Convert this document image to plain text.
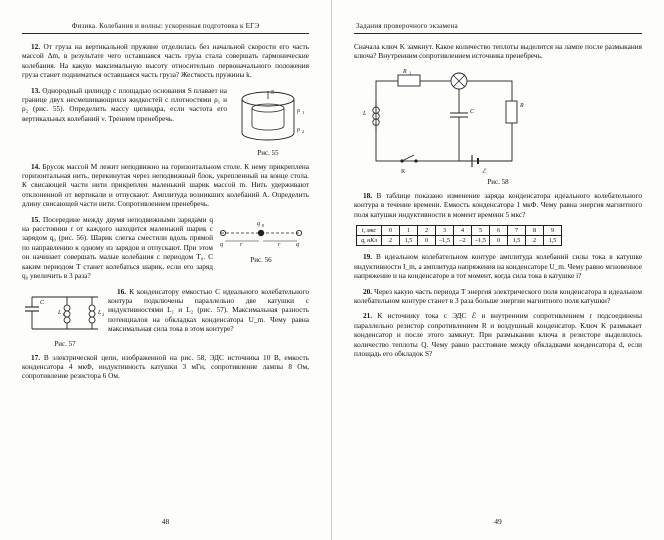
Физика. Колебания и волны: ускоренная подготовка к ЕГЭ

12. От груза на вертикальной пружине отделилась без начальной скорости его часть массой Δm, в результате чего оставшаяся часть груза стала совершать гармонические колебания. На какую максимальную высоту относительно первоначального положения груза станет подниматься оставшаяся часть груза? Жесткость пружины k.

S
ρ 1
ρ 2
Рис. 55

13. Однородный цилиндр с площадью основания S плавает на границе двух несмешивающихся жидкостей с плотностями ρ₁ и ρ₂ (рис. 55). Определить массу цилиндра, если частота его вертикальных колебаний ν. Трением пренебречь.

14. Брусок массой M лежит неподвижно на горизонтальном столе. К нему прикреплена горизонтальная нить, перекинутая через неподвижный блок, укрепленный на конце стола. К свисающей части нити прикреплен маленький шарик массой m. Нить удерживают отклоненной от вертикали и отпускают. Амплитуда возникших колебаний A. Определить длину свисающей части нити. Сопротивлением пренебречь.

q
q 0
q
r	r
Рис. 56

15. Посередине между двумя неподвижными зарядами q на расстоянии r от каждого находится маленький шарик с зарядом q₀ (рис. 56). Шарик слегка сместили вдоль прямой по направлению к одному из зарядов и отпускают. При этом он начинает совершать малые колебания с периодом T₀. С каким периодом T станет колебаться шарик, если его заряд q₀ увеличить в 3 раза?

C
L 1	L 2
Рис. 57

16. К конденсатору емкостью C идеального колебательного контура подключены параллельно две катушки с индуктивностями L₁ и L₂ (рис. 57). Максимальная разность потенциалов на обкладках конденсатора U_m. Чему равна максимальная сила тока в этом контуре?

17. В электрической цепи, изображенной на рис. 58, ЭДС источника 10 В, емкость конденсатора 4 мкФ, индуктивность катушки 3 мГн, сопротивление лампы 8 Ом, сопротивление резистора 6 Ом.

48
Задания проверочного экзамена

Сначала ключ K замкнут. Какое количество теплоты выделится на лампе после размыкания ключа? Внутренним сопротивлением источника пренебречь.

R 1
R
C
L
K	ℰ
Рис. 58

18. В таблице показано изменение заряда конденсатора идеального колебательного контура в течение времени. Емкость конденсатора 1 мкФ. Чему равна энергия магнитного поля катушки индуктивности в момент времени 5 мкс?

t, мкс	0	1	2	3	4	5	6	7	8	9
q, нКл	2	1,5	0	–1,5	–2	–1,5	0	1,5	2	1,5

19. В идеальном колебательном контуре амплитуда колебаний силы тока в катушке индуктивности I_m, а амплитуда напряжения на конденсаторе U_m. Чему равно мгновенное напряжение и на конденсаторе в тот момент, когда сила тока в катушке i?

20. Через какую часть периода T энергия электрического поля конденсатора в идеальном колебательном контуре станет в 3 раза больше энергии магнитного поля катушки?

21. К источнику тока с ЭДС ℰ и внутренним сопротивлением r подсоединены параллельно резистор сопротивлением R и воздушный конденсатор. Ключ K размыкает конденсатор и после этого замкнут. При размыкании ключа в резисторе выделилось количество теплоты Q. Чему равно расстояние между обкладками конденсатора d, если площадь его обкладок S?

49
